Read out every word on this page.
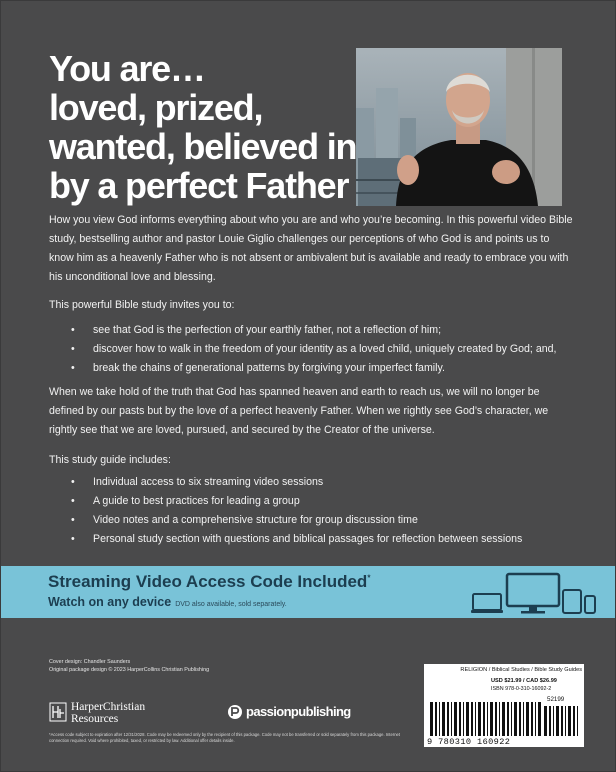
You are…
loved, prized,
wanted, believed in
by a perfect Father
How you view God informs everything about who you are and who you’re becoming. In this powerful video Bible study, bestselling author and pastor Louie Giglio challenges our perceptions of who God is and points us to know him as a heavenly Father who is not absent or ambivalent but is available and ready to embrace you with his unconditional love and blessing.
This powerful Bible study invites you to:
• see that God is the perfection of your earthly father, not a reflection of him;
• discover how to walk in the freedom of your identity as a loved child, uniquely created by God; and,
• break the chains of generational patterns by forgiving your imperfect family.
When we take hold of the truth that God has spanned heaven and earth to reach us, we will no longer be defined by our pasts but by the love of a perfect heavenly Father. When we rightly see God’s character, we rightly see that we are loved, pursued, and secured by the Creator of the universe.
This study guide includes:
• Individual access to six streaming video sessions
• A guide to best practices for leading a group
• Video notes and a comprehensive structure for group discussion time
• Personal study section with questions and biblical passages for reflection between sessions
Streaming Video Access Code Included*
Watch on any device DVD also available, sold separately.
Cover design: Chandler Saunders
Original package design © 2023 HarperCollins Christian Publishing
HarperChristian
Resources	passionpublishing
*Access code subject to expiration after 12/31/2028. Code may be redeemed only by the recipient of this package. Code may not be transferred or sold separately from this package. Internet connection required. Void where prohibited, taxed, or restricted by law. Additional offer details inside.
RELIGION / Biblical Studies / Bible Study Guides
USD $21.99 / CAD $26.99
ISBN 978-0-310-16092-2
52199
9 780310 160922
